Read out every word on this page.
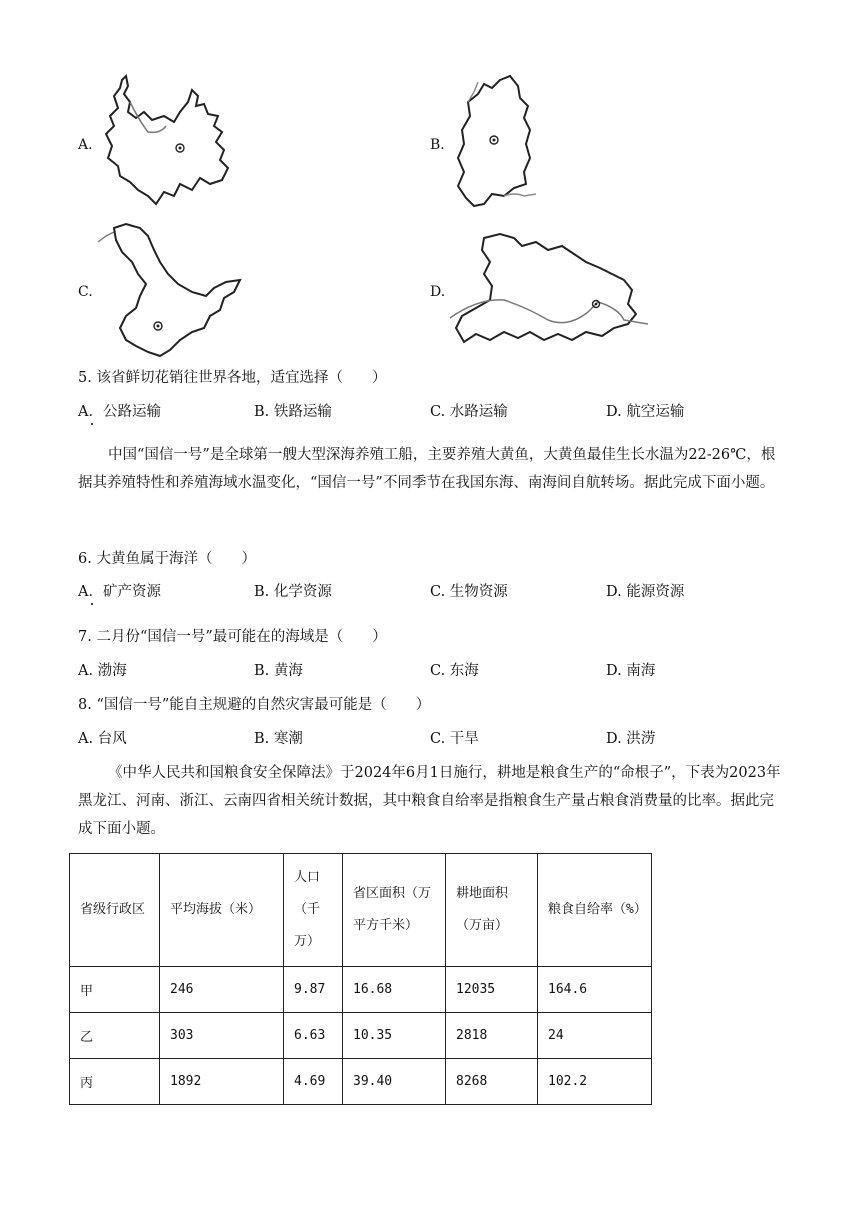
A.	B.
C.	D.
5. 该省鲜切花销往世界各地，适宜选择（　　）
A．公路运输	B. 铁路运输	C. 水路运输	D. 航空运输
中国“国信一号”是全球第一艘大型深海养殖工船，主要养殖大黄鱼，大黄鱼最佳生长水温为22-26℃，根据其养殖特性和养殖海域水温变化，“国信一号”不同季节在我国东海、南海间自航转场。据此完成下面小题。
6. 大黄鱼属于海洋（　　）
A．矿产资源	B. 化学资源	C. 生物资源	D. 能源资源
7. 二月份“国信一号”最可能在的海域是（　　）
A. 渤海	B. 黄海	C. 东海	D. 南海
8. “国信一号”能自主规避的自然灾害最可能是（　　）
A. 台风	B. 寒潮	C. 干旱	D. 洪涝
《中华人民共和国粮食安全保障法》于2024年6月1日施行，耕地是粮食生产的“命根子”，下表为2023年黑龙江、河南、浙江、云南四省相关统计数据，其中粮食自给率是指粮食生产量占粮食消费量的比率。据此完成下面小题。
省级行政区	平均海拔（米）	人口（千万）	省区面积（万平方千米）	耕地面积（万亩）	粮食自给率（%）
甲	246	9.87	16.68	12035	164.6
乙	303	6.63	10.35	2818	24
丙	1892	4.69	39.40	8268	102.2
